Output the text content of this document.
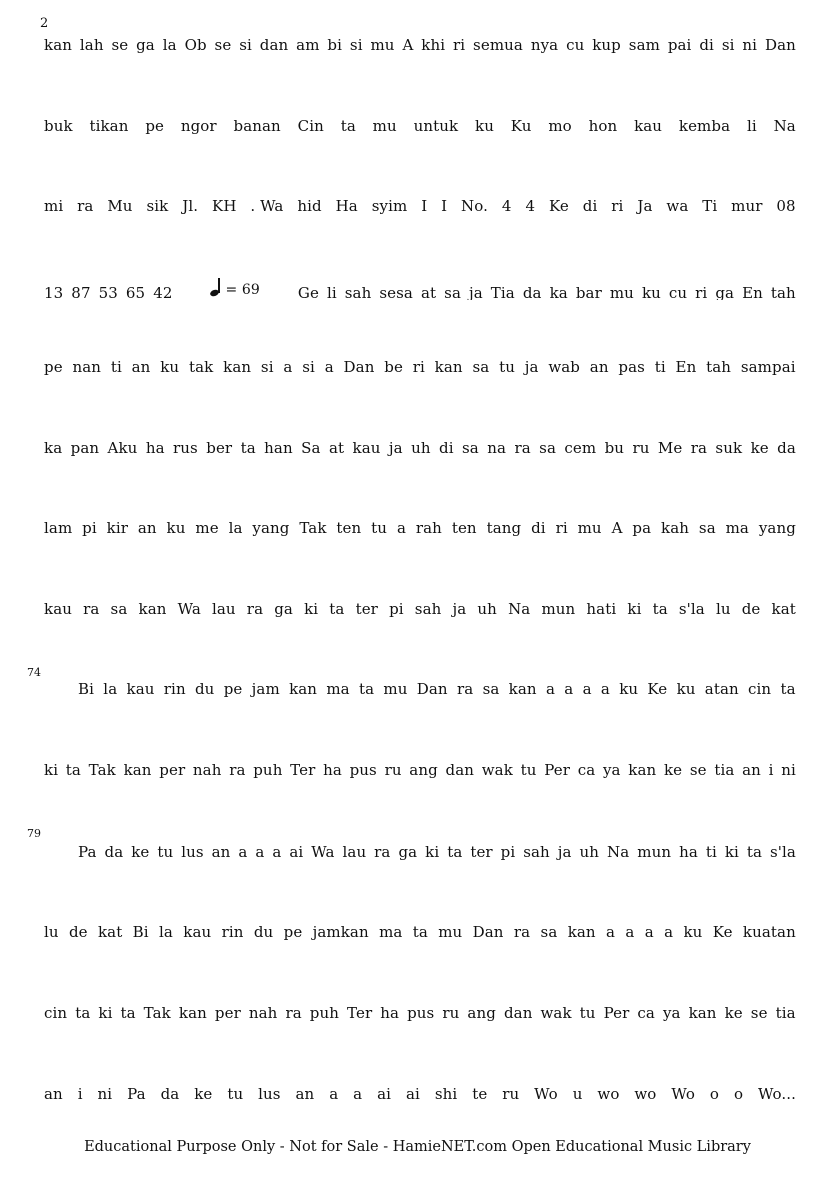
2
74
79
kan lah se ga la Ob se si dan am bi si mu A khi ri semua nya cu kup sam pai di si ni Dan
buk tikan pe ngor banan Cin ta mu untuk ku Ku mo hon kau kemba li Na
mi ra Mu sik Jl. KH . Wa hid Ha syim I I No. 4 4 Ke di ri Ja wa Ti mur 08
13 87 53 65 42	= 69	Ge li sah sesa at sa ja Tia da ka bar mu ku cu ri ga En tah
pe nan ti an ku tak kan si a si a Dan be ri kan sa tu ja wab an pas ti En tah sampai
ka pan Aku ha rus ber ta han Sa at kau ja uh di sa na ra sa cem bu ru Me ra suk ke da
lam pi kir an ku me la yang Tak ten tu a rah ten tang di ri mu A pa kah sa ma yang
kau ra sa kan Wa lau ra ga ki ta ter pi sah ja uh Na mun hati ki ta s'la lu de kat
Bi la kau rin du pe jam kan ma ta mu Dan ra sa kan a a a a ku Ke ku atan cin ta
ki ta Tak kan per nah ra puh Ter ha pus ru ang dan wak tu Per ca ya kan ke se tia an i ni
Pa da ke tu lus an a a a ai Wa lau ra ga ki ta ter pi sah ja uh Na mun ha ti ki ta s'la
lu de kat Bi la kau rin du pe jamkan ma ta mu Dan ra sa kan a a a a ku Ke kuatan
cin ta ki ta Tak kan per nah ra puh Ter ha pus ru ang dan wak tu Per ca ya kan ke se tia
an i ni Pa da ke tu lus an a a ai ai shi te ru Wo u wo wo Wo o o Wo...
Educational Purpose Only - Not for Sale - HamieNET.com Open Educational Music Library
